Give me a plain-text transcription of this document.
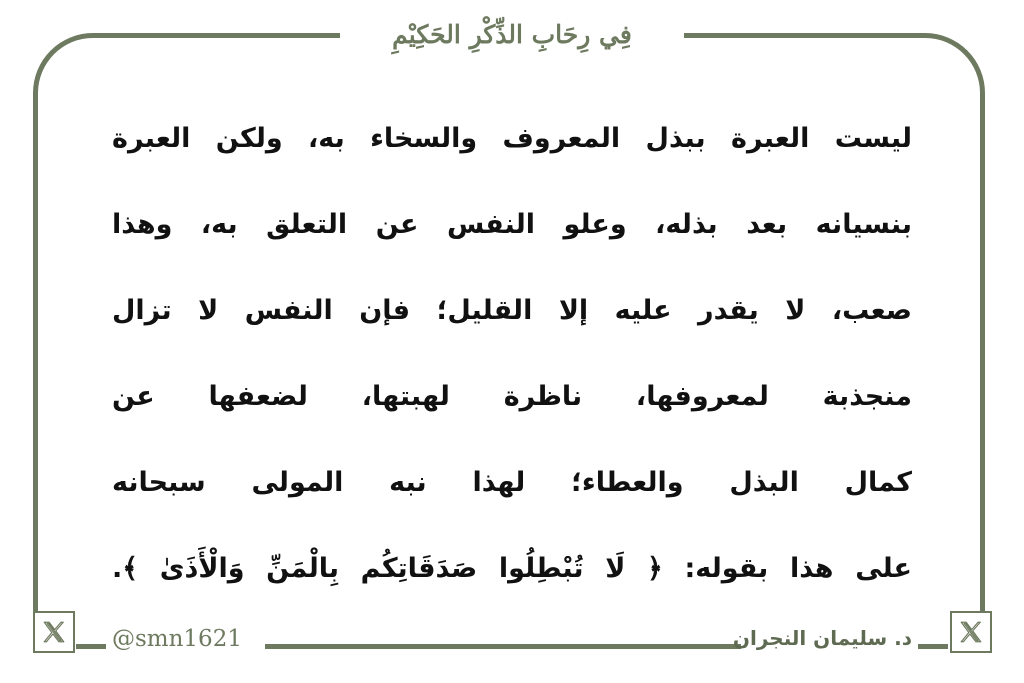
فِي رِحَابِ الذِّكْرِ الحَكِيْمِ
ليست العبرة ببذل المعروف والسخاء به، ولكن العبرة
بنسيانه بعد بذله، وعلو النفس عن التعلق به، وهذا
صعب، لا يقدر عليه إلا القليل؛ فإن النفس لا تزال
منجذبة لمعروفها، ناظرة لهبتها، لضعفها عن
كمال البذل والعطاء؛ لهذا نبه المولى سبحانه
على هذا بقوله: ﴿ لَا تُبْطِلُوا صَدَقَاتِكُم بِالْمَنِّ وَالْأَذَىٰ ﴾.
@smn1621	د. سليمان النجران
